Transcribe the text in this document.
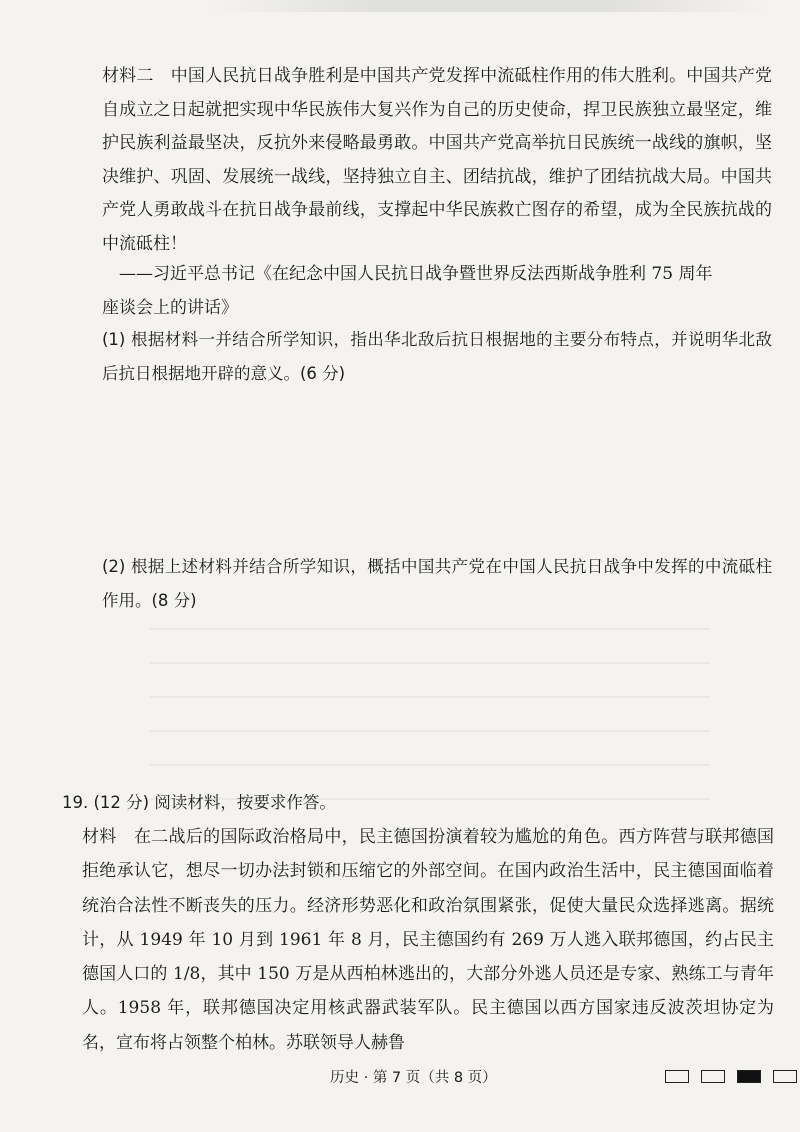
材料二　 中国人民抗日战争胜利是中国共产党发挥中流砥柱作用的伟大胜利。中国共产党自成立之日起就把实现中华民族伟大复兴作为自己的历史使命，捍卫民族独立最坚定，维护民族利益最坚决，反抗外来侵略最勇敢。中国共产党高举抗日民族统一战线的旗帜，坚决维护、巩固、发展统一战线，坚持独立自主、团结抗战，维护了团结抗战大局。中国共产党人勇敢战斗在抗日战争最前线，支撑起中华民族救亡图存的希望，成为全民族抗战的中流砥柱！

——习近平总书记《在纪念中国人民抗日战争暨世界反法西斯战争胜利 75 周年

座谈会上的讲话》

(1) 根据材料一并结合所学知识，指出华北敌后抗日根据地的主要分布特点，并说明华北敌后抗日根据地开辟的意义。(6 分)

(2) 根据上述材料并结合所学知识，概括中国共产党在中国人民抗日战争中发挥的中流砥柱作用。(8 分)

19. (12 分) 阅读材料，按要求作答。

材料　 在二战后的国际政治格局中，民主德国扮演着较为尴尬的角色。西方阵营与联邦德国拒绝承认它，想尽一切办法封锁和压缩它的外部空间。在国内政治生活中，民主德国面临着统治合法性不断丧失的压力。经济形势恶化和政治氛围紧张，促使大量民众选择逃离。据统计，从 1949 年 10 月到 1961 年 8 月，民主德国约有 269 万人逃入联邦德国，约占民主德国人口的 1/8，其中 150 万是从西柏林逃出的，大部分外逃人员还是专家、熟练工与青年人。1958 年，联邦德国决定用核武器武装军队。民主德国以西方国家违反波茨坦协定为名，宣布将占领整个柏林。苏联领导人赫鲁

历史 · 第 7 页（共 8 页）
